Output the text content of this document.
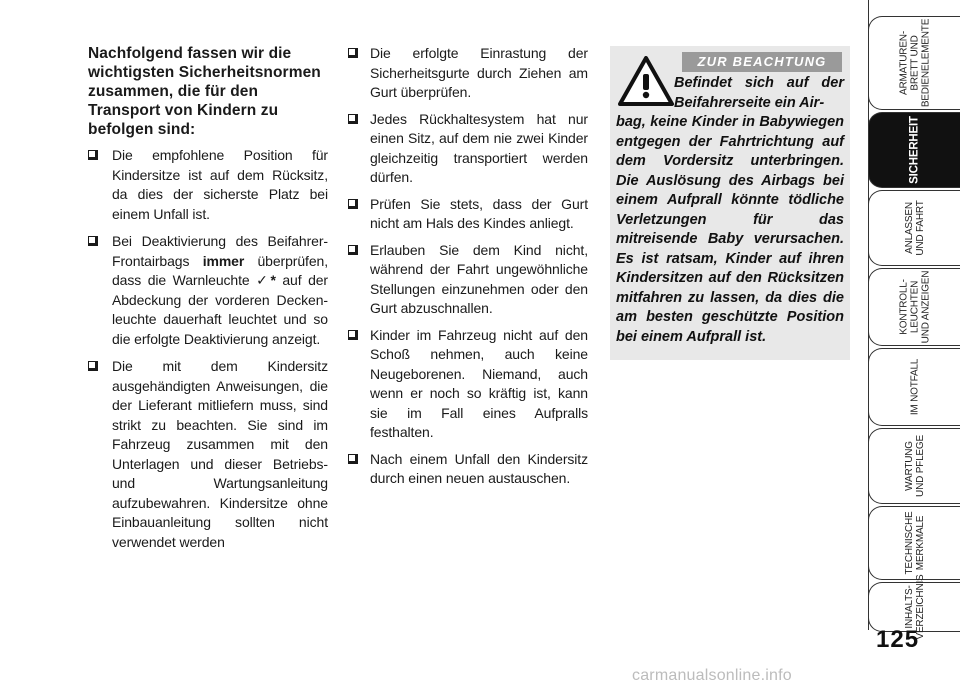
Nachfolgend fassen wir die wichtigsten Sicherheitsnormen zusammen, die für den Transport von Kindern zu befolgen sind:
Die empfohlene Position für Kindersitze ist auf dem Rücksitz, da dies der sicherste Platz bei einem Unfall ist.
Bei Deaktivierung des Beifahrer-Frontairbags immer überprüfen, dass die Warnleuchte ✓* auf der Abdeckung der vorderen Decken-leuchte dauerhaft leuchtet und so die erfolgte Deaktivierung anzeigt.
Die mit dem Kindersitz ausgehändigten Anweisungen, die der Lieferant mitliefern muss, sind strikt zu beachten. Sie sind im Fahrzeug zusammen mit den Unterlagen und dieser Betriebs- und Wartungsanleitung aufzubewahren. Kindersitze ohne Einbauanleitung sollten nicht verwendet werden
Die erfolgte Einrastung der Sicherheitsgurte durch Ziehen am Gurt überprüfen.
Jedes Rückhaltesystem hat nur einen Sitz, auf dem nie zwei Kinder gleichzeitig transportiert werden dürfen.
Prüfen Sie stets, dass der Gurt nicht am Hals des Kindes anliegt.
Erlauben Sie dem Kind nicht, während der Fahrt ungewöhnliche Stellungen einzunehmen oder den Gurt abzuschnallen.
Kinder im Fahrzeug nicht auf den Schoß nehmen, auch keine Neugeborenen. Niemand, auch wenn er noch so kräftig ist, kann sie im Fall eines Aufpralls festhalten.
Nach einem Unfall den Kindersitz durch einen neuen austauschen.
ZUR BEACHTUNG
Befindet sich auf der Beifahrerseite ein Air-
bag, keine Kinder in Babywiegen entgegen der Fahrtrichtung auf dem Vordersitz unterbringen. Die Auslösung des Airbags bei einem Aufprall könnte tödliche Verletzungen für das mitreisende Baby verursachen. Es ist ratsam, Kinder auf ihren Kindersitzen auf den Rücksitzen mitfahren zu lassen, da dies die am besten geschützte Position bei einem Aufprall ist.
ARMATUREN-
BRETT UND
BEDIENELEMENTE
SICHERHEIT
ANLASSEN
UND FAHRT
KONTROLL-
LEUCHTEN
UND ANZEIGEN
IM NOTFALL
WARTUNG
UND PFLEGE
TECHNISCHE
MERKMALE
INHALTS-
VERZEICHNIS
125
carmanualsonline.info
